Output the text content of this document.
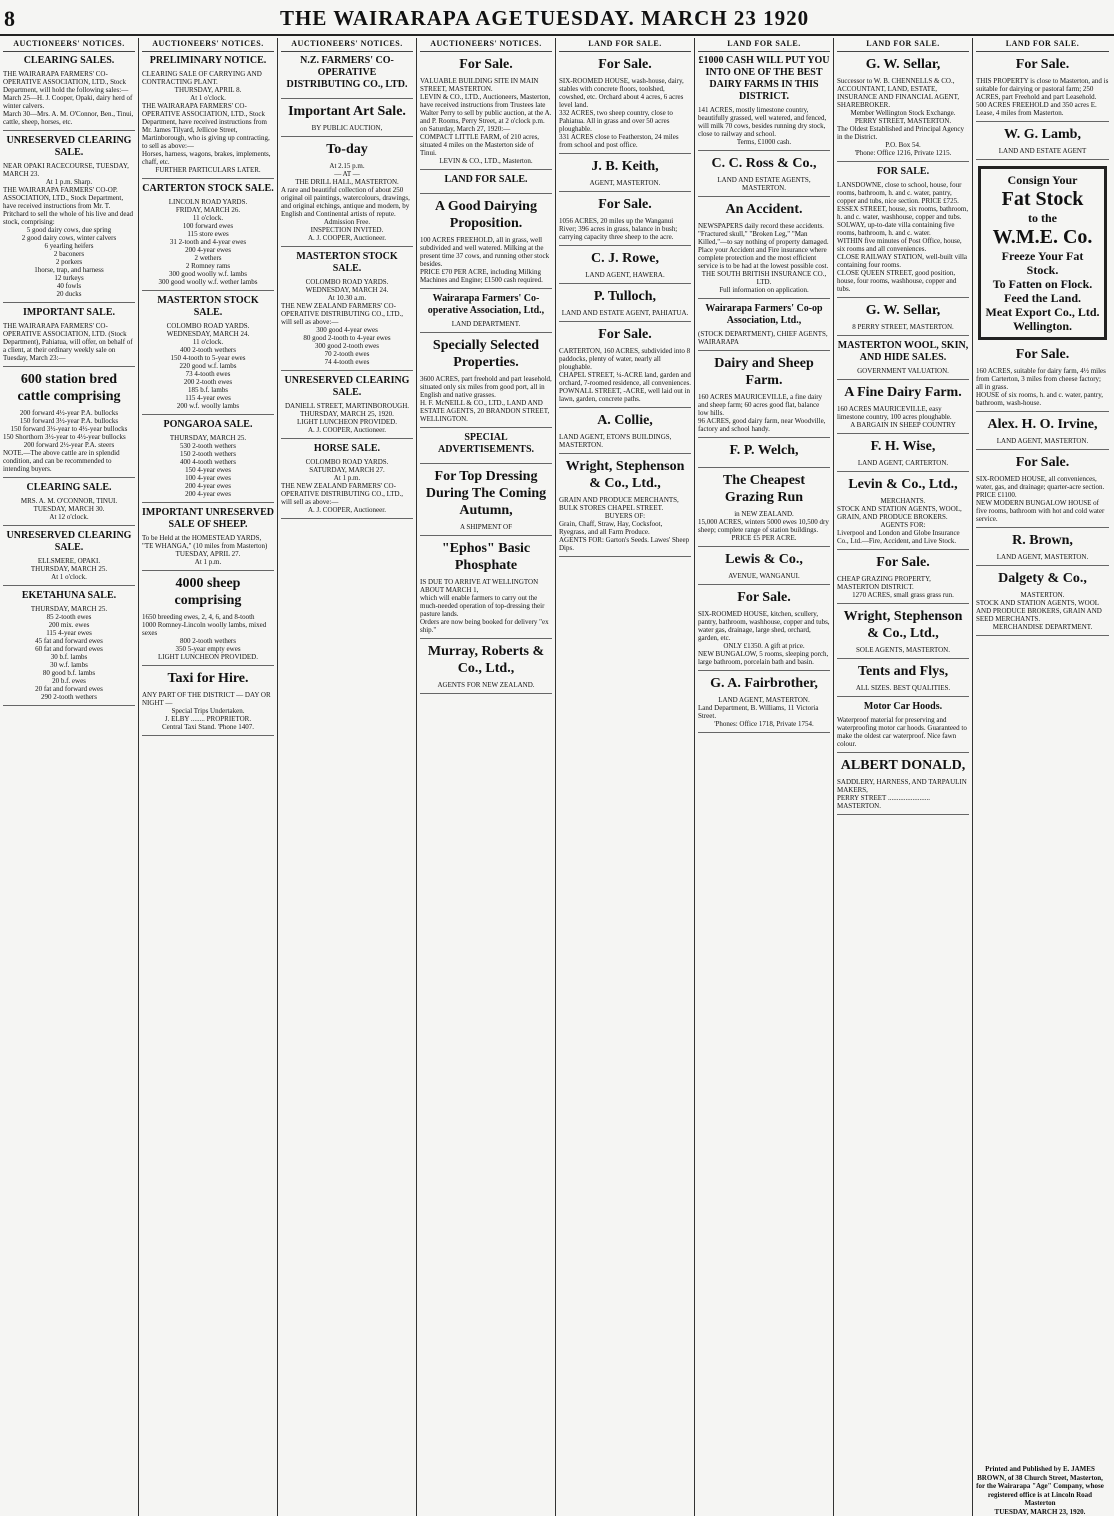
8	THE WAIRARAPA AGE TUESDAY. MARCH 23 1920
AUCTIONEERS' NOTICES.
CLEARING SALES.
THE WAIRARAPA FARMERS' CO-OPERATIVE ASSOCIATION, LTD., Stock Department, will hold the following sales:—
March 25—H. J. Cooper, Opaki, dairy herd of winter calvers.
March 30—Mrs. A. M. O'Connor, Ben., Tinui, cattle, sheep, horses, etc.
UNRESERVED CLEARING SALE.
NEAR OPAKI RACECOURSE, TUESDAY, MARCH 23.
At 1 p.m. Sharp.
THE WAIRARAPA FARMERS' CO-OP. ASSOCIATION, LTD., Stock Department, have received instructions from Mr. T. Pritchard to sell the whole of his live and dead stock, comprising:
5 good dairy cows, due spring
2 good dairy cows, winter calvers
6 yearling heifers
2 baconers
2 porkers
1horse, trap, and harness
12 turkeys
40 fowls
20 ducks
IMPORTANT SALE.
THE WAIRARAPA FARMERS' CO-OPERATIVE ASSOCIATION, LTD. (Stock Department), Pahiatua, will offer, on behalf of a client, at their ordinary weekly sale on Tuesday, March 23:—
600 station bred cattle comprising
200 forward 4½-year P.A. bullocks
150 forward 3½-year P.A. bullocks
150 forward 3½-year to 4½-year bullocks
150 Shorthorn 3½-year to 4½-year bullocks
200 forward 2½-year P.A. steers
NOTE.—The above cattle are in splendid condition, and can be recommended to intending buyers.
CLEARING SALE.
MRS. A. M. O'CONNOR, TINUI.
TUESDAY, MARCH 30.
At 12 o'clock.
UNRESERVED CLEARING SALE.
ELLSMERE, OPAKI.
THURSDAY, MARCH 25.
At 1 o'clock.
EKETAHUNA SALE.
THURSDAY, MARCH 25.
85 2-tooth ewes
200 mix. ewes
115 4-year ewes
45 fat and forward ewes
60 fat and forward ewes
30 b.f. lambs
30 w.f. lambs
80 good b.f. lambs
20 b.f. ewes
20 fat and forward ewes
290 2-tooth wethers
AUCTIONEERS' NOTICES.
PRELIMINARY NOTICE.
CLEARING SALE OF CARRYING AND CONTRACTING PLANT.
THURSDAY, APRIL 8.
At 1 o'clock.
THE WAIRARAPA FARMERS' CO-OPERATIVE ASSOCIATION, LTD., Stock Department, have received instructions from Mr. James Tilyard, Jellicoe Street, Martinborough, who is giving up contracting, to sell as above:—
Horses, harness, wagons, brakes, implements, chaff, etc.
FURTHER PARTICULARS LATER.
CARTERTON STOCK SALE.
LINCOLN ROAD YARDS.
FRIDAY, MARCH 26.
11 o'clock.
100 forward ewes
115 store ewes
31 2-tooth and 4-year ewes
200 4-year ewes
2 wethers
2 Romney rams
300 good woolly w.f. lambs
300 good woolly w.f. wether lambs
MASTERTON STOCK SALE.
COLOMBO ROAD YARDS.
WEDNESDAY, MARCH 24.
11 o'clock.
400 2-tooth wethers
150 4-tooth to 5-year ewes
220 good w.f. lambs
73 4-tooth ewes
200 2-tooth ewes
185 b.f. lambs
115 4-year ewes
200 w.f. woolly lambs
PONGAROA SALE.
THURSDAY, MARCH 25.
530 2-tooth wethers
150 2-tooth wethers
400 4-tooth wethers
150 4-year ewes
100 4-year ewes
200 4-year ewes
200 4-year ewes
IMPORTANT UNRESERVED SALE OF SHEEP.
To be Held at the HOMESTEAD YARDS, "TE WHANGA," (10 miles from Masterton)
TUESDAY, APRIL 27.
At 1 p.m.
4000 sheep comprising
1650 breeding ewes, 2, 4, 6, and 8-tooth
1000 Romney-Lincoln woolly lambs, mixed sexes
800 2-tooth wethers
350 5-year empty ewes
LIGHT LUNCHEON PROVIDED.
Taxi for Hire.
ANY PART OF THE DISTRICT — DAY OR NIGHT —
Special Trips Undertaken.
J. ELBY ........ PROPRIETOR.
Central Taxi Stand. 'Phone 1407.
AUCTIONEERS' NOTICES.
N.Z. FARMERS' CO-OPERATIVE DISTRIBUTING CO., LTD.
Important Art Sale.
BY PUBLIC AUCTION,
To-day
At 2.15 p.m.
— AT —
THE DRILL HALL, MASTERTON.
A rare and beautiful collection of about 250 original oil paintings, watercolours, drawings, and original etchings, antique and modern, by English and Continental artists of repute.
Admission Free.
INSPECTION INVITED.
A. J. COOPER, Auctioneer.
MASTERTON STOCK SALE.
COLOMBO ROAD YARDS.
WEDNESDAY, MARCH 24.
At 10.30 a.m.
THE NEW ZEALAND FARMERS' CO-OPERATIVE DISTRIBUTING CO., LTD., will sell as above:—
300 good 4-year ewes
80 good 2-tooth to 4-year ewes
300 good 2-tooth ewes
70 2-tooth ewes
74 4-tooth ewes
UNRESERVED CLEARING SALE.
DANIELL STREET, MARTINBOROUGH.
THURSDAY, MARCH 25, 1920.
LIGHT LUNCHEON PROVIDED.
A. J. COOPER, Auctioneer.
HORSE SALE.
COLOMBO ROAD YARDS.
SATURDAY, MARCH 27.
At 1 p.m.
THE NEW ZEALAND FARMERS' CO-OPERATIVE DISTRIBUTING CO., LTD., will sell as above:—
A. J. COOPER, Auctioneer.
AUCTIONEERS' NOTICES.
For Sale.
VALUABLE BUILDING SITE IN MAIN STREET, MASTERTON.
LEVIN & CO., LTD., Auctioneers, Masterton, have received instructions from Trustees late Walter Perry to sell by public auction, at the A. and P. Rooms, Perry Street, at 2 o'clock p.m. on Saturday, March 27, 1920:—
COMPACT LITTLE FARM, of 210 acres, situated 4 miles on the Masterton side of Tinui.
LEVIN & CO., LTD., Masterton.
LAND FOR SALE.
A Good Dairying Proposition.
100 ACRES FREEHOLD, all in grass, well subdivided and well watered. Milking at the present time 37 cows, and running other stock besides.
PRICE £70 PER ACRE, including Milking Machines and Engine; £1500 cash required.
Wairarapa Farmers' Co-operative Association, Ltd.,
LAND DEPARTMENT.
Specially Selected Properties.
3600 ACRES, part freehold and part leasehold, situated only six miles from good port, all in English and native grasses.
H. F. McNEILL & CO., LTD., LAND AND ESTATE AGENTS, 20 BRANDON STREET, WELLINGTON.
SPECIAL ADVERTISEMENTS.
For Top Dressing During The Coming Autumn,
A SHIPMENT OF
"Ephos" Basic Phosphate
IS DUE TO ARRIVE AT WELLINGTON ABOUT MARCH 1,
which will enable farmers to carry out the much-needed operation of top-dressing their pasture lands.
Orders are now being booked for delivery "ex ship."
Murray, Roberts & Co., Ltd.,
AGENTS FOR NEW ZEALAND.
LAND FOR SALE.
For Sale.
SIX-ROOMED HOUSE, wash-house, dairy, stables with concrete floors, toolshed, cowshed, etc. Orchard about 4 acres, 6 acres level land.
332 ACRES, two sheep country, close to Pahiatua. All in grass and over 50 acres ploughable.
331 ACRES close to Featherston, 24 miles from school and post office.
J. B. Keith,
AGENT, MASTERTON.
For Sale.
1056 ACRES, 20 miles up the Wanganui River; 396 acres in grass, balance in bush; carrying capacity three sheep to the acre.
C. J. Rowe,
LAND AGENT, HAWERA.
P. Tulloch,
LAND AND ESTATE AGENT, PAHIATUA.
For Sale.
CARTERTON, 160 ACRES, subdivided into 8 paddocks, plenty of water, nearly all ploughable.
CHAPEL STREET, ¼-ACRE land, garden and orchard, 7-roomed residence, all conveniences.
POWNALL STREET, -ACRE, well laid out in lawn, garden, concrete paths.
A. Collie,
LAND AGENT, ETON'S BUILDINGS, MASTERTON.
Wright, Stephenson & Co., Ltd.,
GRAIN AND PRODUCE MERCHANTS, BULK STORES CHAPEL STREET.
BUYERS OF:
Grain, Chaff, Straw, Hay, Cocksfoot, Ryegrass, and all Farm Produce.
AGENTS FOR: Garton's Seeds. Lawes' Sheep Dips.
LAND FOR SALE.
£1000 CASH WILL PUT YOU INTO ONE OF THE BEST DAIRY FARMS IN THIS DISTRICT.
141 ACRES, mostly limestone country, beautifully grassed, well watered, and fenced, will milk 70 cows, besides running dry stock, close to railway and school.
Terms, £1000 cash.
C. C. Ross & Co.,
LAND AND ESTATE AGENTS, MASTERTON.
An Accident.
NEWSPAPERS daily record these accidents. "Fractured skull," "Broken Leg," "Man Killed,"—to say nothing of property damaged.
Place your Accident and Fire insurance where complete protection and the most efficient service is to be had at the lowest possible cost.
THE SOUTH BRITISH INSURANCE CO., LTD.
Full information on application.
Wairarapa Farmers' Co-op Association, Ltd.,
(STOCK DEPARTMENT), CHIEF AGENTS, WAIRARAPA
Dairy and Sheep Farm.
160 ACRES MAURICEVILLE, a fine dairy and sheep farm; 60 acres good flat, balance low hills.
96 ACRES, good dairy farm, near Woodville, factory and school handy.
F. P. Welch,
The Cheapest Grazing Run
in NEW ZEALAND.
15,000 ACRES, winters 5000 ewes 10,500 dry sheep; complete range of station buildings.
PRICE £5 PER ACRE.
Lewis & Co.,
AVENUE, WANGANUI.
For Sale.
SIX-ROOMED HOUSE, kitchen, scullery, pantry, bathroom, washhouse, copper and tubs, water gas, drainage, large shed, orchard, garden, etc.
ONLY £1350. A gift at price.
NEW BUNGALOW, 5 rooms, sleeping porch, large bathroom, porcelain bath and basin.
G. A. Fairbrother,
LAND AGENT, MASTERTON.
Land Department, B. Williams, 11 Victoria Street.
'Phones: Office 1718, Private 1754.
LAND FOR SALE.
G. W. Sellar,
Successor to W. B. CHENNELLS & CO., ACCOUNTANT, LAND, ESTATE, INSURANCE AND FINANCIAL AGENT, SHAREBROKER.
Member Wellington Stock Exchange.
PERRY STREET, MASTERTON.
The Oldest Established and Principal Agency in the District.
P.O. Box 54.
'Phone: Office 1216, Private 1215.
FOR SALE.
LANSDOWNE, close to school, house, four rooms, bathroom, h. and c. water, pantry, copper and tubs, nice section. PRICE £725.
ESSEX STREET, house, six rooms, bathroom, h. and c. water, washhouse, copper and tubs.
SOLWAY, up-to-date villa containing five rooms, bathroom, h. and c. water.
WITHIN five minutes of Post Office, house, six rooms and all conveniences.
CLOSE RAILWAY STATION, well-built villa containing four rooms.
CLOSE QUEEN STREET, good position, house, four rooms, washhouse, copper and tubs.
G. W. Sellar,
8 PERRY STREET, MASTERTON.
MASTERTON WOOL, SKIN, AND HIDE SALES.
GOVERNMENT VALUATION.
A Fine Dairy Farm.
160 ACRES MAURICEVILLE, easy limestone country, 100 acres ploughable.
A BARGAIN IN SHEEP COUNTRY
F. H. Wise,
LAND AGENT, CARTERTON.
Levin & Co., Ltd.,
MERCHANTS.
STOCK AND STATION AGENTS, WOOL, GRAIN, AND PRODUCE BROKERS.
AGENTS FOR:
Liverpool and London and Globe Insurance Co., Ltd.—Fire, Accident, and Live Stock.
For Sale.
CHEAP GRAZING PROPERTY, MASTERTON DISTRICT.
1270 ACRES, small grass grass run.
Wright, Stephenson & Co., Ltd.,
SOLE AGENTS, MASTERTON.
Tents and Flys,
ALL SIZES. BEST QUALITIES.
Motor Car Hoods.
Waterproof material for preserving and waterproofing motor car hoods. Guaranteed to make the oldest car waterproof. Nice fawn colour.
ALBERT DONALD,
SADDLERY, HARNESS, AND TARPAULIN MAKERS,
PERRY STREET ........................ MASTERTON.
LAND FOR SALE.
For Sale.
THIS PROPERTY is close to Masterton, and is suitable for dairying or pastoral farm; 250 ACRES, part Freehold and part Leasehold.
500 ACRES FREEHOLD and 350 acres E. Lease, 4 miles from Masterton.
W. G. Lamb,
LAND AND ESTATE AGENT
Consign Your
Fat Stock
to the
W.M.E. Co.
Freeze Your Fat Stock.
To Fatten on Flock. Feed the Land.
Meat Export Co., Ltd.
Wellington.
For Sale.
160 ACRES, suitable for dairy farm, 4½ miles from Carterton, 3 miles from cheese factory; all in grass.
HOUSE of six rooms, h. and c. water, pantry, bathroom, wash-house.
Alex. H. O. Irvine,
LAND AGENT, MASTERTON.
For Sale.
SIX-ROOMED HOUSE, all conveniences, water, gas, and drainage; quarter-acre section. PRICE £1100.
NEW MODERN BUNGALOW HOUSE of five rooms, bathroom with hot and cold water service.
R. Brown,
LAND AGENT, MASTERTON.
Dalgety & Co.,
MASTERTON.
STOCK AND STATION AGENTS, WOOL AND PRODUCE BROKERS, GRAIN AND SEED MERCHANTS.
MERCHANDISE DEPARTMENT.
Printed and Published by E. JAMES BROWN, of 38 Church Street, Masterton, for the Wairarapa "Age" Company, whose registered office is at Lincoln Road Masterton
TUESDAY, MARCH 23, 1920.
